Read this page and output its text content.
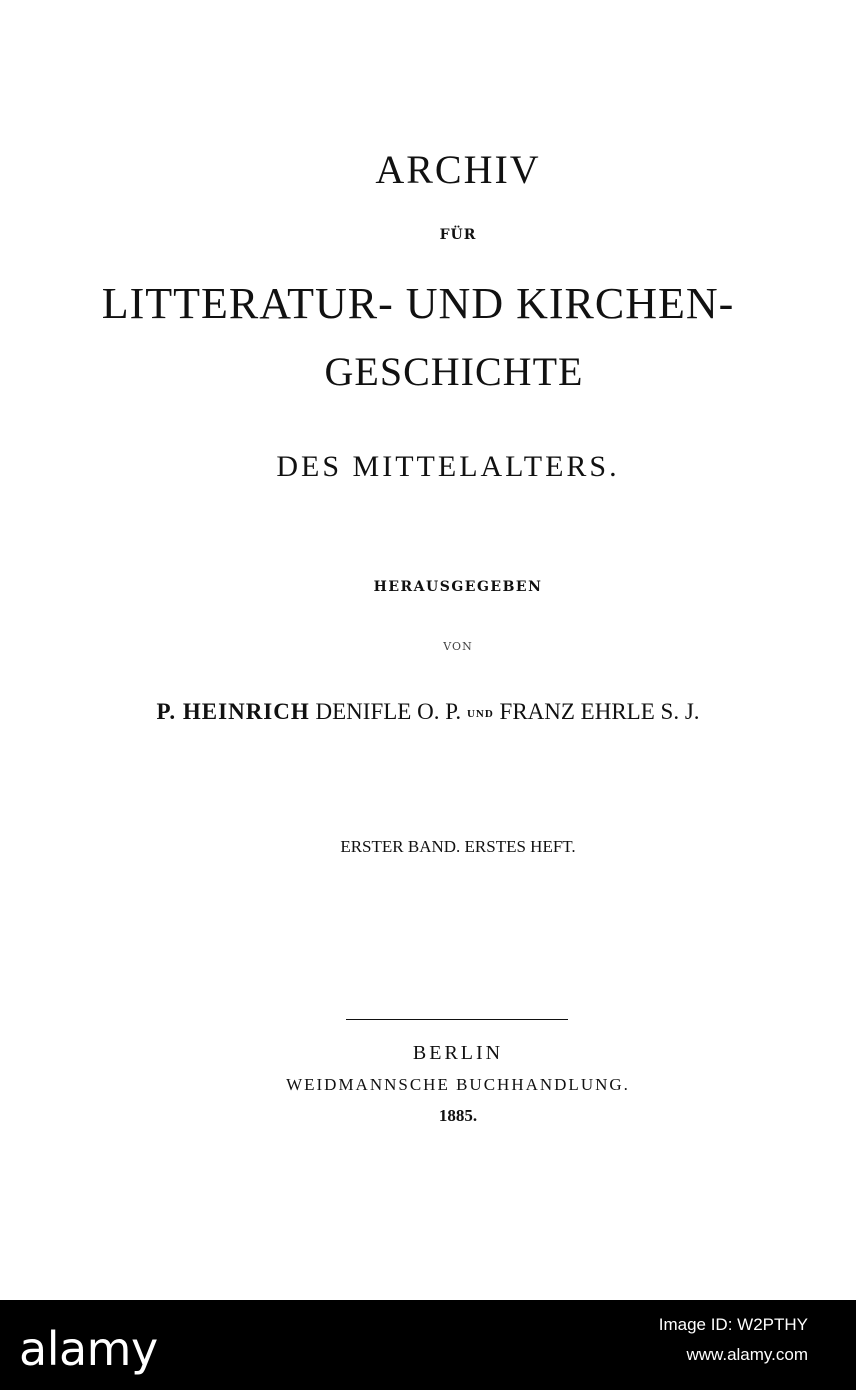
ARCHIV
FÜR
LITTERATUR- UND KIRCHEN-
GESCHICHTE
DES MITTELALTERS.
HERAUSGEGEBEN
VON
P. HEINRICH DENIFLE O. P. UND FRANZ EHRLE S. J.
ERSTER BAND. ERSTES HEFT.
BERLIN
WEIDMANNSCHE BUCHHANDLUNG.
1885.
alamy	Image ID: W2PTHY
www.alamy.com
